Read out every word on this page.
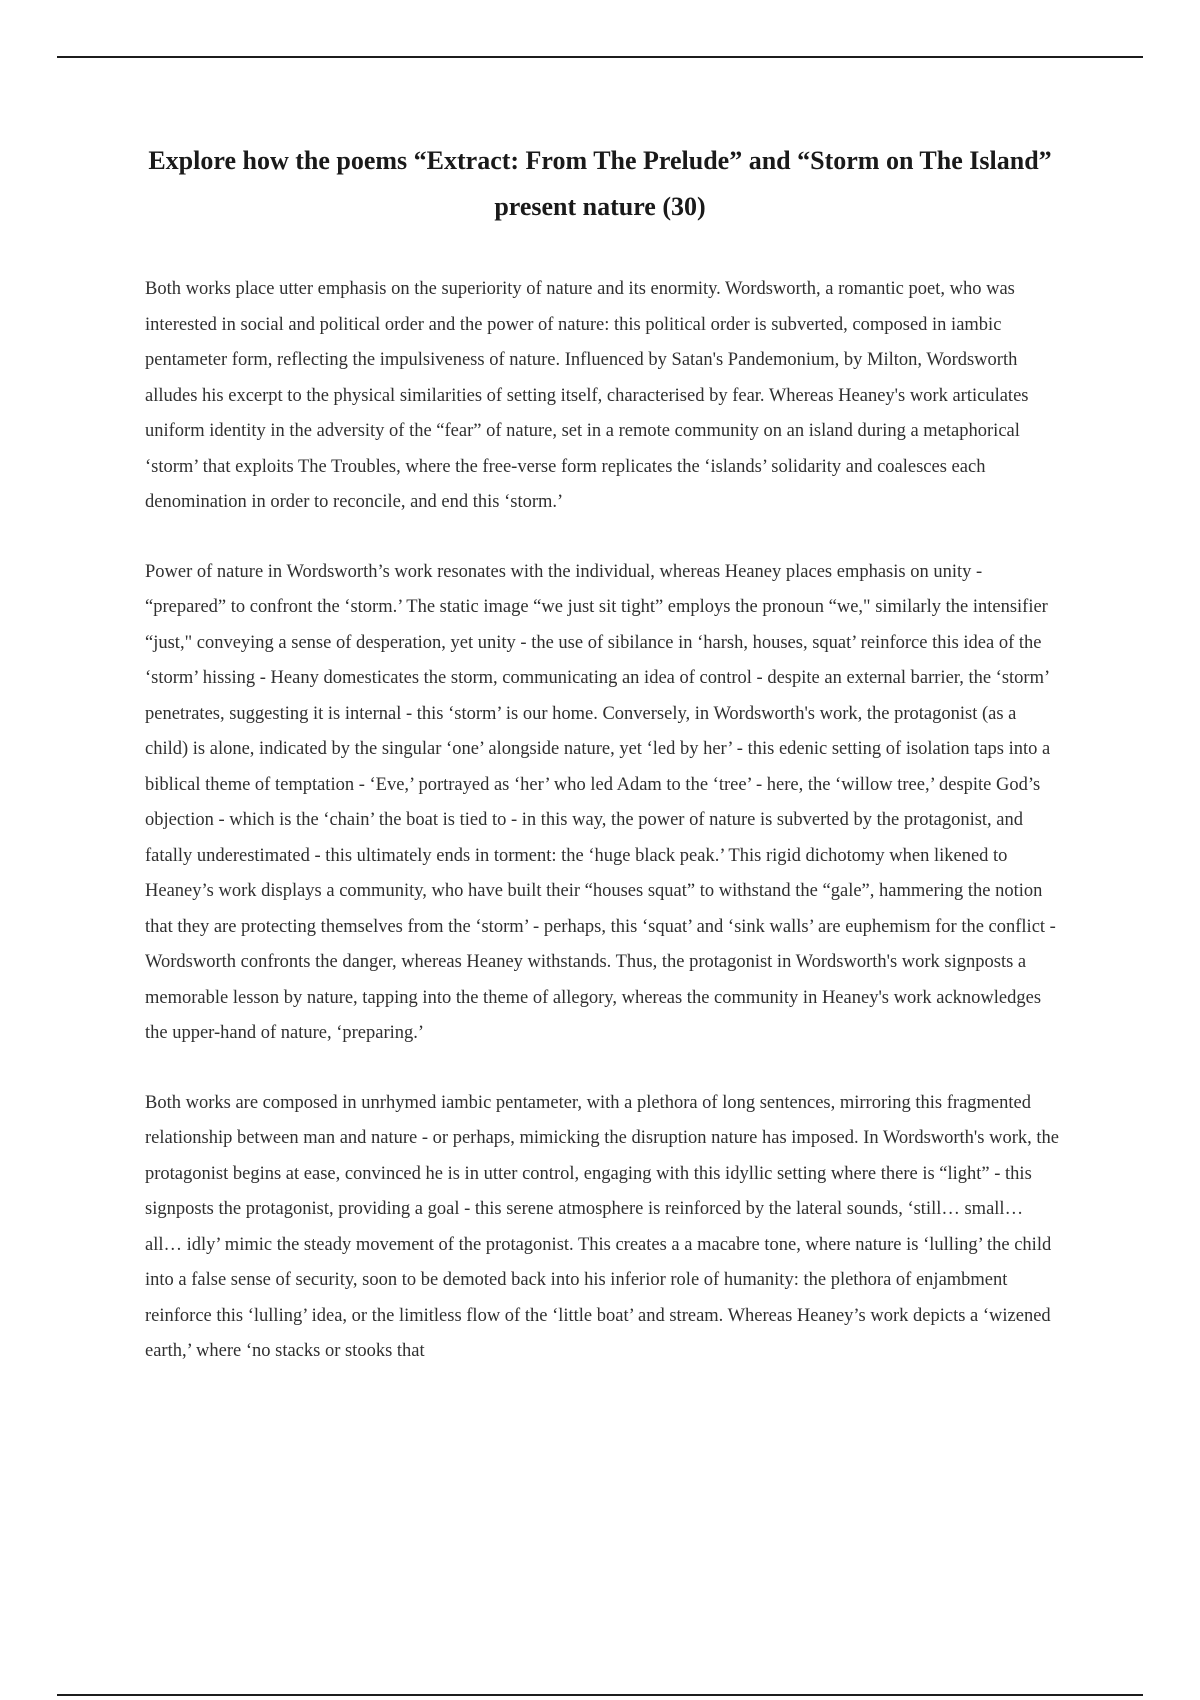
Explore how the poems “Extract: From The Prelude” and “Storm on The Island” present nature (30)

Both works place utter emphasis on the superiority of nature and its enormity. Wordsworth, a romantic poet, who was interested in social and political order and the power of nature: this political order is subverted, composed in iambic pentameter form, reflecting the impulsiveness of nature. Influenced by Satan's Pandemonium, by Milton, Wordsworth alludes his excerpt to the physical similarities of setting itself, characterised by fear. Whereas Heaney's work articulates uniform identity in the adversity of the “fear” of nature, set in a remote community on an island during a metaphorical ‘storm’ that exploits The Troubles, where the free-verse form replicates the ‘islands’ solidarity and coalesces each denomination in order to reconcile, and end this ‘storm.’

Power of nature in Wordsworth’s work resonates with the individual, whereas Heaney places emphasis on unity - “prepared” to confront the ‘storm.’ The static image “we just sit tight” employs the pronoun “we," similarly the intensifier “just," conveying a sense of desperation, yet unity - the use of sibilance in ‘harsh, houses, squat’ reinforce this idea of the ‘storm’ hissing - Heany domesticates the storm, communicating an idea of control - despite an external barrier, the ‘storm’ penetrates, suggesting it is internal - this ‘storm’ is our home. Conversely, in Wordsworth's work, the protagonist (as a child) is alone, indicated by the singular ‘one’ alongside nature, yet ‘led by her’ - this edenic setting of isolation taps into a biblical theme of temptation - ‘Eve,’ portrayed as ‘her’ who led Adam to the ‘tree’ - here, the ‘willow tree,’ despite God’s objection - which is the ‘chain’ the boat is tied to - in this way, the power of nature is subverted by the protagonist, and fatally underestimated - this ultimately ends in torment: the ‘huge black peak.’ This rigid dichotomy when likened to Heaney’s work displays a community, who have built their “houses squat” to withstand the “gale”, hammering the notion that they are protecting themselves from the ‘storm’ - perhaps, this ‘squat’ and ‘sink walls’ are euphemism for the conflict - Wordsworth confronts the danger, whereas Heaney withstands. Thus, the protagonist in Wordsworth's work signposts a memorable lesson by nature, tapping into the theme of allegory, whereas the community in Heaney's work acknowledges the upper-hand of nature, ‘preparing.’

Both works are composed in unrhymed iambic pentameter, with a plethora of long sentences, mirroring this fragmented relationship between man and nature - or perhaps, mimicking the disruption nature has imposed. In Wordsworth's work, the protagonist begins at ease, convinced he is in utter control, engaging with this idyllic setting where there is “light” - this signposts the protagonist, providing a goal - this serene atmosphere is reinforced by the lateral sounds, ‘still… small… all… idly’ mimic the steady movement of the protagonist. This creates a a macabre tone, where nature is ‘lulling’ the child into a false sense of security, soon to be demoted back into his inferior role of humanity: the plethora of enjambment reinforce this ‘lulling’ idea, or the limitless flow of the ‘little boat’ and stream. Whereas Heaney’s work depicts a ‘wizened earth,’ where ‘no stacks or stooks that
